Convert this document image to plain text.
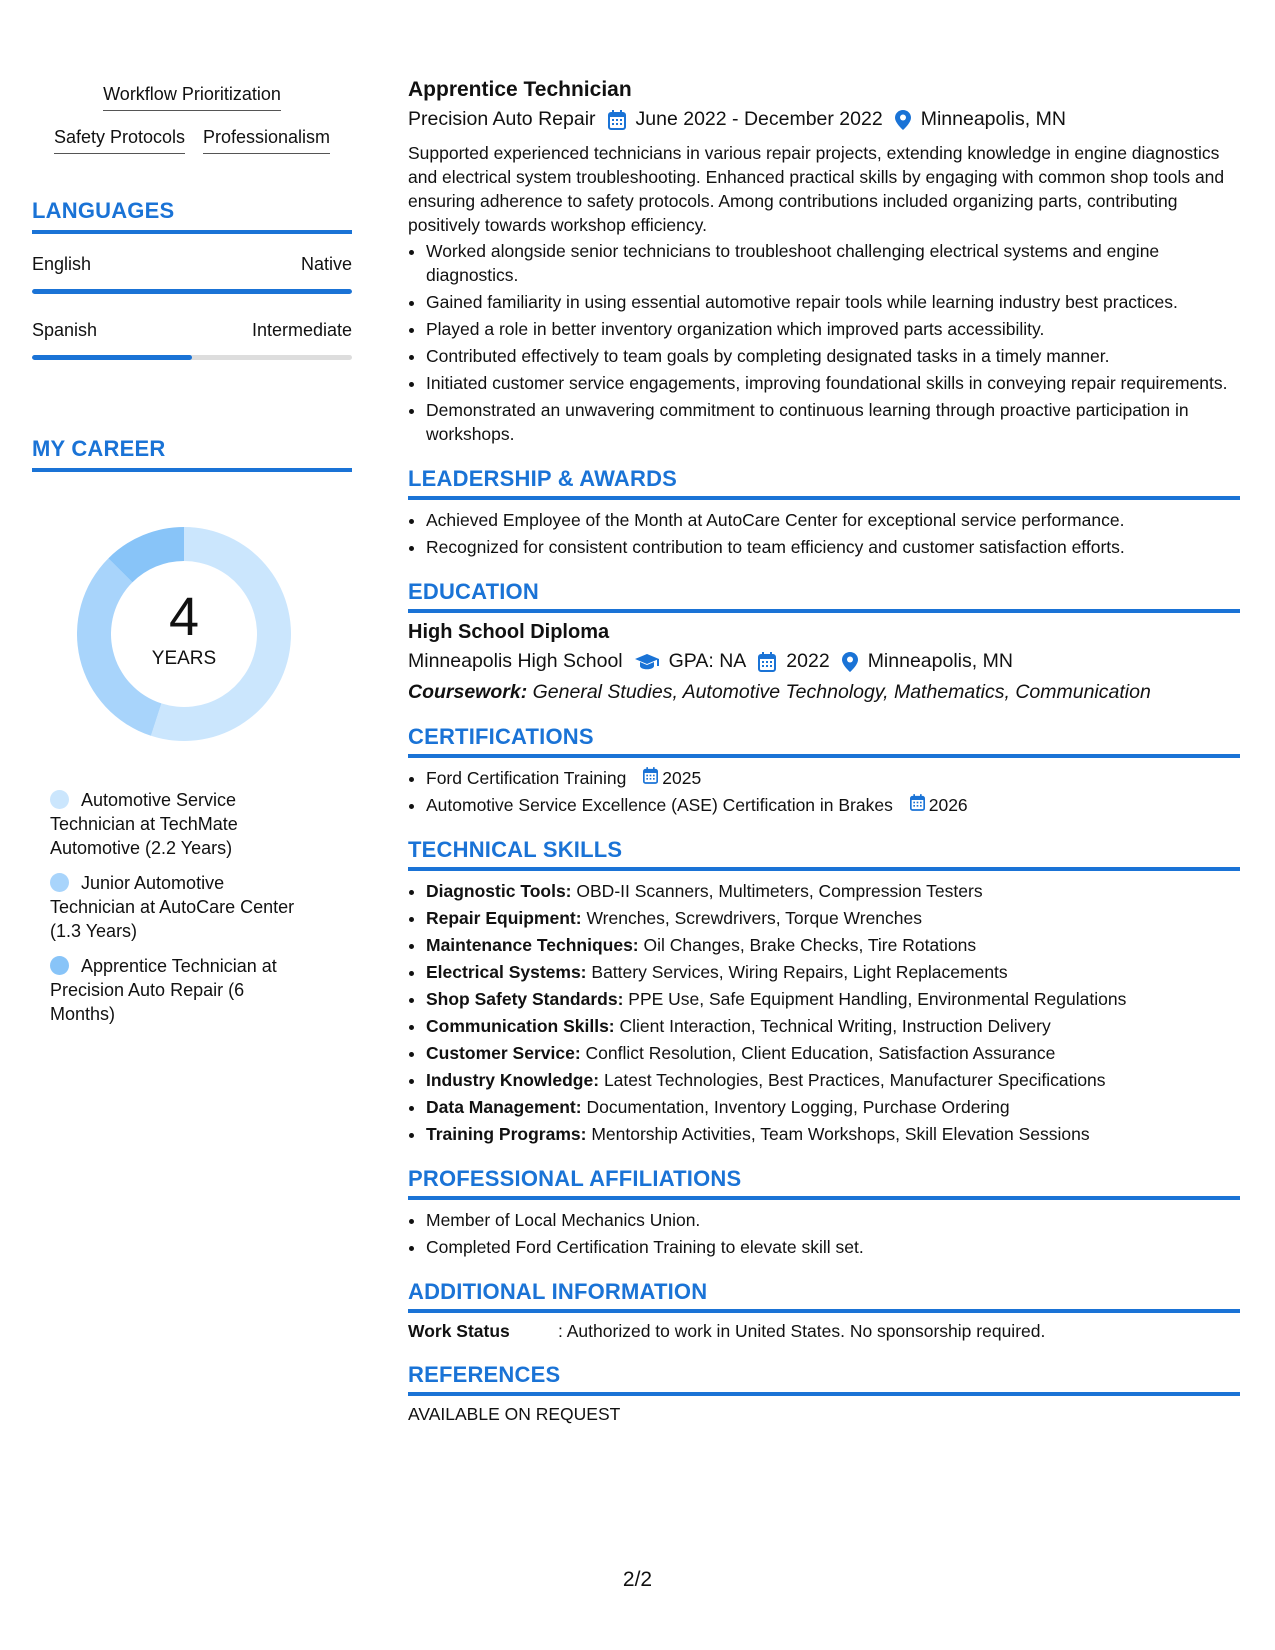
Workflow Prioritization
Safety Protocols Professionalism
LANGUAGES
English	Native
Spanish	Intermediate
MY CAREER
4
YEARS
Automotive Service Technician at TechMate Automotive (2.2 Years)
Junior Automotive Technician at AutoCare Center (1.3 Years)
Apprentice Technician at Precision Auto Repair (6 Months)
Apprentice Technician
Precision Auto Repair June 2022 - December 2022 Minneapolis, MN
Supported experienced technicians in various repair projects, extending knowledge in engine diagnostics and electrical system troubleshooting. Enhanced practical skills by engaging with common shop tools and ensuring adherence to safety protocols. Among contributions included organizing parts, contributing positively towards workshop efficiency.
• Worked alongside senior technicians to troubleshoot challenging electrical systems and engine diagnostics.
• Gained familiarity in using essential automotive repair tools while learning industry best practices.
• Played a role in better inventory organization which improved parts accessibility.
• Contributed effectively to team goals by completing designated tasks in a timely manner.
• Initiated customer service engagements, improving foundational skills in conveying repair requirements.
• Demonstrated an unwavering commitment to continuous learning through proactive participation in workshops.
LEADERSHIP & AWARDS
• Achieved Employee of the Month at AutoCare Center for exceptional service performance.
• Recognized for consistent contribution to team efficiency and customer satisfaction efforts.
EDUCATION
High School Diploma
Minneapolis High School GPA: NA 2022 Minneapolis, MN
Coursework: General Studies, Automotive Technology, Mathematics, Communication
CERTIFICATIONS
• Ford Certification Training 2025
• Automotive Service Excellence (ASE) Certification in Brakes 2026
TECHNICAL SKILLS
• Diagnostic Tools: OBD-II Scanners, Multimeters, Compression Testers
• Repair Equipment: Wrenches, Screwdrivers, Torque Wrenches
• Maintenance Techniques: Oil Changes, Brake Checks, Tire Rotations
• Electrical Systems: Battery Services, Wiring Repairs, Light Replacements
• Shop Safety Standards: PPE Use, Safe Equipment Handling, Environmental Regulations
• Communication Skills: Client Interaction, Technical Writing, Instruction Delivery
• Customer Service: Conflict Resolution, Client Education, Satisfaction Assurance
• Industry Knowledge: Latest Technologies, Best Practices, Manufacturer Specifications
• Data Management: Documentation, Inventory Logging, Purchase Ordering
• Training Programs: Mentorship Activities, Team Workshops, Skill Elevation Sessions
PROFESSIONAL AFFILIATIONS
• Member of Local Mechanics Union.
• Completed Ford Certification Training to elevate skill set.
ADDITIONAL INFORMATION
Work Status	: Authorized to work in United States. No sponsorship required.
REFERENCES
AVAILABLE ON REQUEST
2/2
